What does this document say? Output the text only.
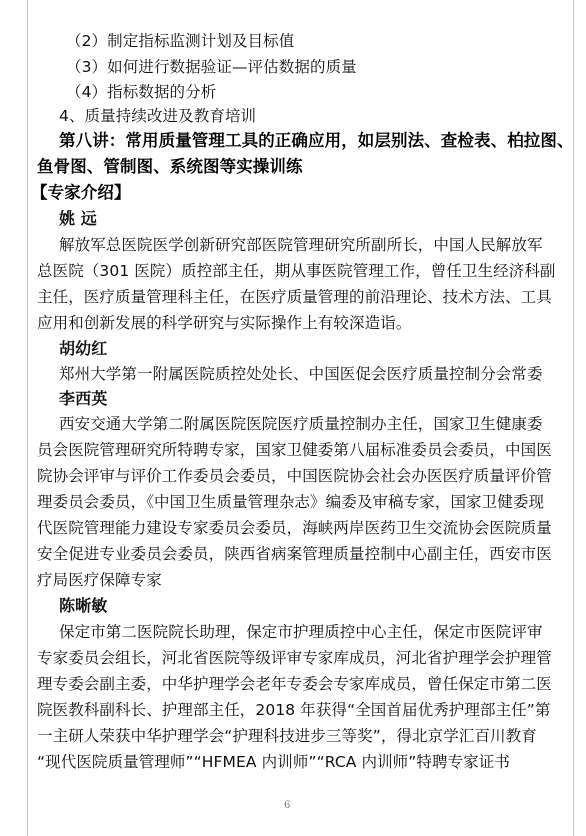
（2）制定指标监测计划及目标值
（3）如何进行数据验证—评估数据的质量
（4）指标数据的分析
4、质量持续改进及教育培训
第八讲：常用质量管理工具的正确应用，如层别法、查检表、柏拉图、
鱼骨图、管制图、系统图等实操训练
【专家介绍】
姚 远
解放军总医院医学创新研究部医院管理研究所副所长，中国人民解放军
总医院（301 医院）质控部主任，期从事医院管理工作，曾任卫生经济科副
主任，医疗质量管理科主任，在医疗质量管理的前沿理论、技术方法、工具
应用和创新发展的科学研究与实际操作上有较深造诣。
胡幼红
郑州大学第一附属医院质控处处长、中国医促会医疗质量控制分会常委
李西英
西安交通大学第二附属医院医院医疗质量控制办主任，国家卫生健康委
员会医院管理研究所特聘专家，国家卫健委第八届标准委员会委员，中国医
院协会评审与评价工作委员会委员，中国医院协会社会办医医疗质量评价管
理委员会委员，《中国卫生质量管理杂志》编委及审稿专家，国家卫健委现
代医院管理能力建设专家委员会委员，海峡两岸医药卫生交流协会医院质量
安全促进专业委员会委员，陕西省病案管理质量控制中心副主任，西安市医
疗局医疗保障专家
陈晰敏
保定市第二医院院长助理，保定市护理质控中心主任，保定市医院评审
专家委员会组长，河北省医院等级评审专家库成员，河北省护理学会护理管
理专委会副主委，中华护理学会老年专委会专家库成员，曾任保定市第二医
院医教科副科长、护理部主任，2018 年获得“全国首届优秀护理部主任”第
一主研人荣获中华护理学会“护理科技进步三等奖”，得北京学汇百川教育
“现代医院质量管理师”“HFMEA 内训师”“RCA 内训师”特聘专家证书
6
